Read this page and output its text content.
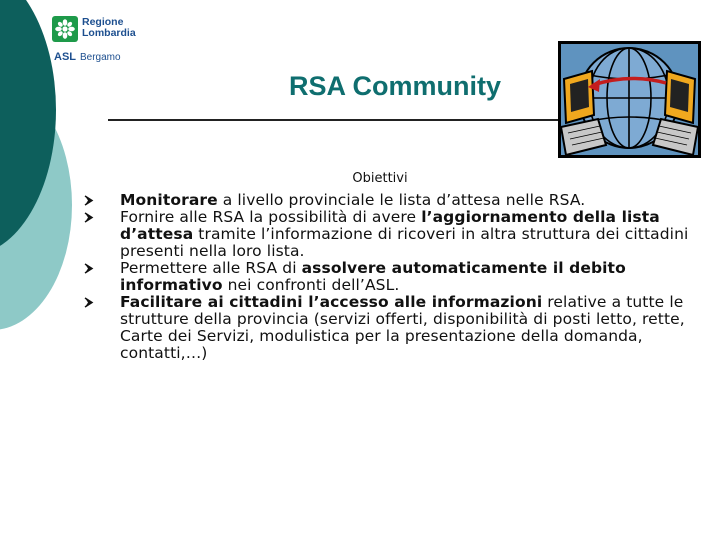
Regione
Lombardia
ASL Bergamo
RSA Community
Obiettivi
Monitorare a livello provinciale le lista d’attesa nelle RSA.
Fornire alle RSA la possibilità di avere l’aggiornamento della lista d’attesa tramite l’informazione di ricoveri in altra struttura dei cittadini presenti nella loro lista.
Permettere alle RSA di assolvere automaticamente il debito informativo nei confronti dell’ASL.
Facilitare ai cittadini l’accesso alle informazioni relative a tutte le strutture della provincia (servizi offerti, disponibilità di posti letto, rette, Carte dei Servizi, modulistica per la presentazione della domanda, contatti,…)
